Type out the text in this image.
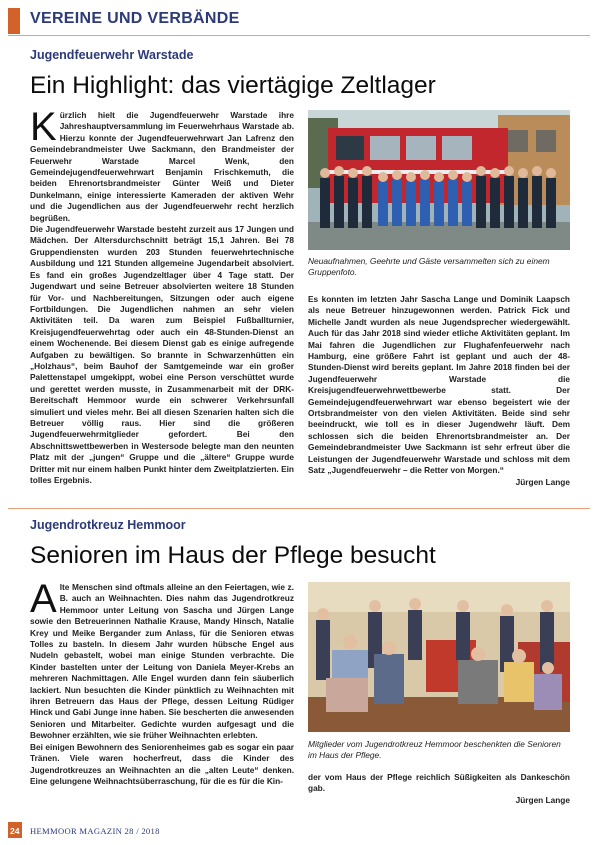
VEREINE UND VERBÄNDE
Jugendfeuerwehr Warstade
Ein Highlight: das viertägige Zeltlager

Kürzlich hielt die Jugendfeuerwehr Warstade ihre Jahreshauptversammlung im Feuerwehrhaus Warstade ab. Hierzu konnte der Jugendfeuerwehrwart Jan Lafrenz den Gemeindebrandmeister Uwe Sackmann, den Brandmeister der Feuerwehr Warstade Marcel Wenk, den Gemeindejugendfeuerwehrwart Benjamin Frischkemuth, die beiden Ehrenortsbrandmeister Günter Weiß und Dieter Dunkelmann, einige interessierte Kameraden der aktiven Wehr und die Jugendlichen aus der Jugendfeuerwehr recht herzlich begrüßen.

Die Jugendfeuerwehr Warstade besteht zurzeit aus 17 Jungen und Mädchen. Der Altersdurchschnitt beträgt 15,1 Jahren. Bei 78 Gruppendiensten wurden 203 Stunden feuerwehrtechnische Ausbildung und 121 Stunden allgemeine Jugendarbeit absolviert. Es fand ein großes Jugendzeltlager über 4 Tage statt. Der Jugendwart und seine Betreuer absolvierten weitere 18 Stunden für Vor- und Nachbereitungen, Sitzungen oder auch eigene Fortbildungen. Die Jugendlichen nahmen an sehr vielen Aktivitäten teil. Da waren zum Beispiel Fußballturnier, Kreisjugendfeuerwehrtag oder auch ein 48-Stunden-Dienst an einem Wochenende. Bei diesem Dienst gab es einige aufregende Aufgaben zu bewältigen. So brannte in Schwarzenhütten ein „Holzhaus“, beim Bauhof der Samtgemeinde war ein großer Palettenstapel umgekippt, wobei eine Person verschüttet wurde und gerettet werden musste, in Zusammenarbeit mit der DRK-Bereitschaft Hemmoor wurde ein schwerer Verkehrsunfall simuliert und vieles mehr. Bei all diesen Szenarien halten sich die Betreuer völlig raus. Hier sind die größeren Jugendfeuerwehrmitglieder gefordert. Bei den Abschnittswettbewerben in Westersode belegte man den neunten Platz mit der „jungen“ Gruppe und die „ältere“ Gruppe wurde Dritter mit nur einem halben Punkt hinter dem Zweitplatzierten. Ein tolles Ergebnis.

Neuaufnahmen, Geehrte und Gäste versammelten sich zu einem Gruppenfoto.

Es konnten im letzten Jahr Sascha Lange und Dominik Laapsch als neue Betreuer hinzugewonnen werden. Patrick Fick und Michelle Jandt wurden als neue Jugendsprecher wiedergewählt. Auch für das Jahr 2018 sind wieder etliche Aktivitäten geplant. Im Mai fahren die Jugendlichen zur Flughafenfeuerwehr nach Hamburg, eine größere Fahrt ist geplant und auch der 48-Stunden-Dienst wird bereits geplant. Im Jahre 2018 finden bei der Jugendfeuerwehr Warstade die Kreisjugendfeuerwehrwettbewerbe statt. Der Gemeindejugendfeuerwehrwart war ebenso begeistert wie der Ortsbrandmeister von den vielen Aktivitäten. Beide sind sehr beeindruckt, wie toll es in dieser Jugendwehr läuft. Dem schlossen sich die beiden Ehrenortsbrandmeister an. Der Gemeindebrandmeister Uwe Sackmann ist sehr erfreut über die Leistungen der Jugendfeuerwehr Warstade und schloss mit dem Satz „Jugendfeuerwehr – die Retter von Morgen.“

Jürgen Lange
Jugendrotkreuz Hemmoor
Senioren im Haus der Pflege besucht

Alte Menschen sind oftmals alleine an den Feiertagen, wie z. B. auch an Weihnachten. Dies nahm das Jugendrotkreuz Hemmoor unter Leitung von Sascha und Jürgen Lange sowie den Betreuerinnen Nathalie Krause, Mandy Hinsch, Natalie Krey und Meike Bergander zum Anlass, für die Senioren etwas Tolles zu basteln. In diesem Jahr wurden hübsche Engel aus Nudeln gebastelt, wobei man einige Stunden verbrachte. Die Kinder bastelten unter der Leitung von Daniela Meyer-Krebs an mehreren Nachmittagen. Alle Engel wurden dann fein säuberlich lackiert. Nun besuchten die Kinder pünktlich zu Weihnachten mit ihren Betreuern das Haus der Pflege, dessen Leitung Rüdiger Hinck und Gabi Junge inne haben. Sie bescherten die anwesenden Senioren und Mitarbeiter. Gedichte wurden aufgesagt und die Bewohner erzählten, wie sie früher Weihnachten erlebten.

Bei einigen Bewohnern des Seniorenheimes gab es sogar ein paar Tränen. Viele waren hocherfreut, dass die Kinder des Jugendrotkreuzes an Weihnachten an die „alten Leute“ denken. Eine gelungene Weihnachtsüberraschung, für die es für die Kin-

Mitglieder vom Jugendrotkreuz Hemmoor beschenkten die Senioren im Haus der Pflege.

der vom Haus der Pflege reichlich Süßigkeiten als Dankeschön gab.

Jürgen Lange
24 HEMMOOR MAGAZIN 28 / 2018
